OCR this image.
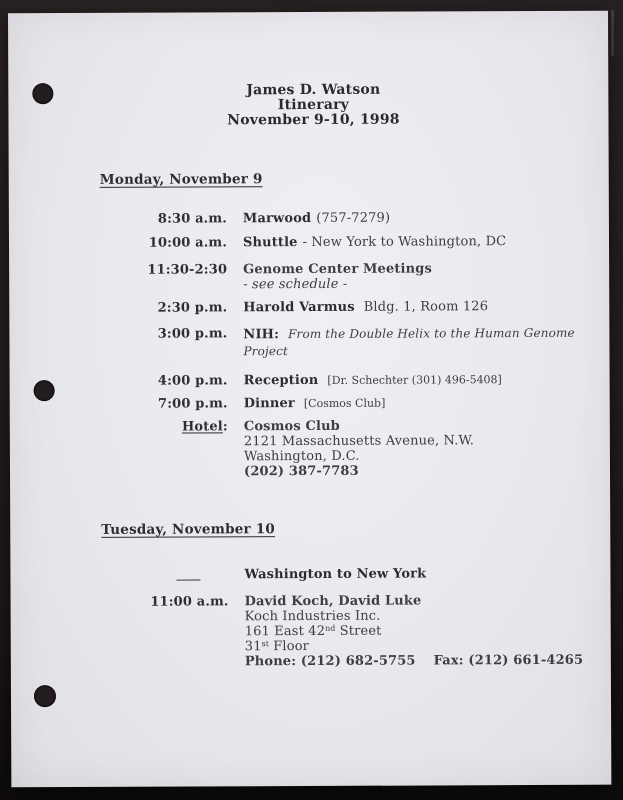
James D. Watson
Itinerary
November 9-10, 1998
Monday, November 9
8:30 a.m. Marwood (757-7279)
10:00 a.m. Shuttle - New York to Washington, DC
11:30-2:30 Genome Center Meetings
- see schedule -
2:30 p.m. Harold Varmus Bldg. 1, Room 126
3:00 p.m. NIH: From the Double Helix to the Human Genome Project
4:00 p.m. Reception [Dr. Schechter (301) 496-5408]
7:00 p.m. Dinner [Cosmos Club]
Hotel: Cosmos Club
2121 Massachusetts Avenue, N.W.
Washington, D.C.
(202) 387-7783
Tuesday, November 10
Washington to New York
11:00 a.m. David Koch, David Luke
Koch Industries Inc.
161 East 42nd Street
31st Floor
Phone: (212) 682-5755 Fax: (212) 661-4265
